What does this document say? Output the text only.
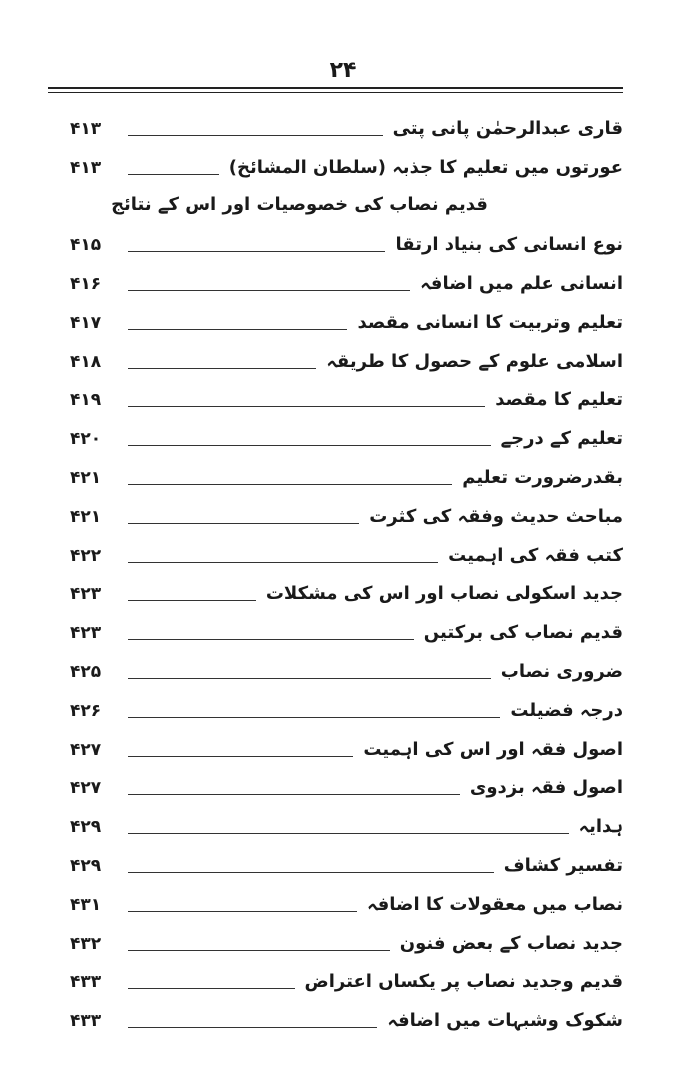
۲۴
۴۱۳	قاری عبدالرحمٰن پانی پتی
۴۱۳	عورتوں میں تعلیم کا جذبہ (سلطان المشائخ)
قدیم نصاب کی خصوصیات اور اس کے نتائج
۴۱۵	نوع انسانی کی بنیاد ارتقا
۴۱۶	انسانی علم میں اضافہ
۴۱۷	تعلیم وتربیت کا انسانی مقصد
۴۱۸	اسلامی علوم کے حصول کا طریقہ
۴۱۹	تعلیم کا مقصد
۴۲۰	تعلیم کے درجے
۴۲۱	بقدرضرورت تعلیم
۴۲۱	مباحث حدیث وفقہ کی کثرت
۴۲۲	کتب فقہ کی اہمیت
۴۲۳	جدید اسکولی نصاب اور اس کی مشکلات
۴۲۳	قدیم نصاب کی برکتیں
۴۲۵	ضروری نصاب
۴۲۶	درجہ فضیلت
۴۲۷	اصول فقہ اور اس کی اہمیت
۴۲۷	اصول فقہ بزدوی
۴۲۹	ہدایہ
۴۲۹	تفسیر کشاف
۴۳۱	نصاب میں معقولات کا اضافہ
۴۳۲	جدید نصاب کے بعض فنون
۴۳۳	قدیم وجدید نصاب پر یکساں اعتراض
۴۳۳	شکوک وشبہات میں اضافہ
